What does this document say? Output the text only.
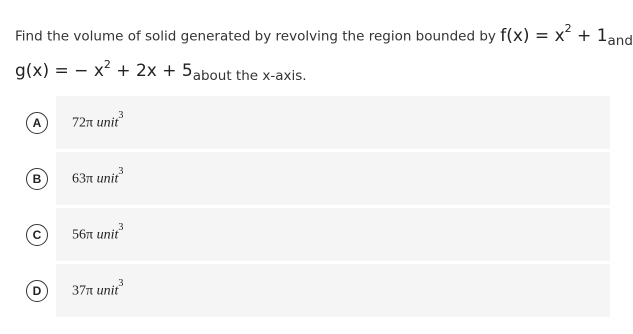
Find the volume of solid generated by revolving the region bounded by $f(x) = x^2 + 1and$
g(x) = − $x^2 + 2x$ + 5about the x-axis.
A	72π unit$^3$
B	63π unit$^3$
C	56π unit$^3$
D	37π unit$^3$
